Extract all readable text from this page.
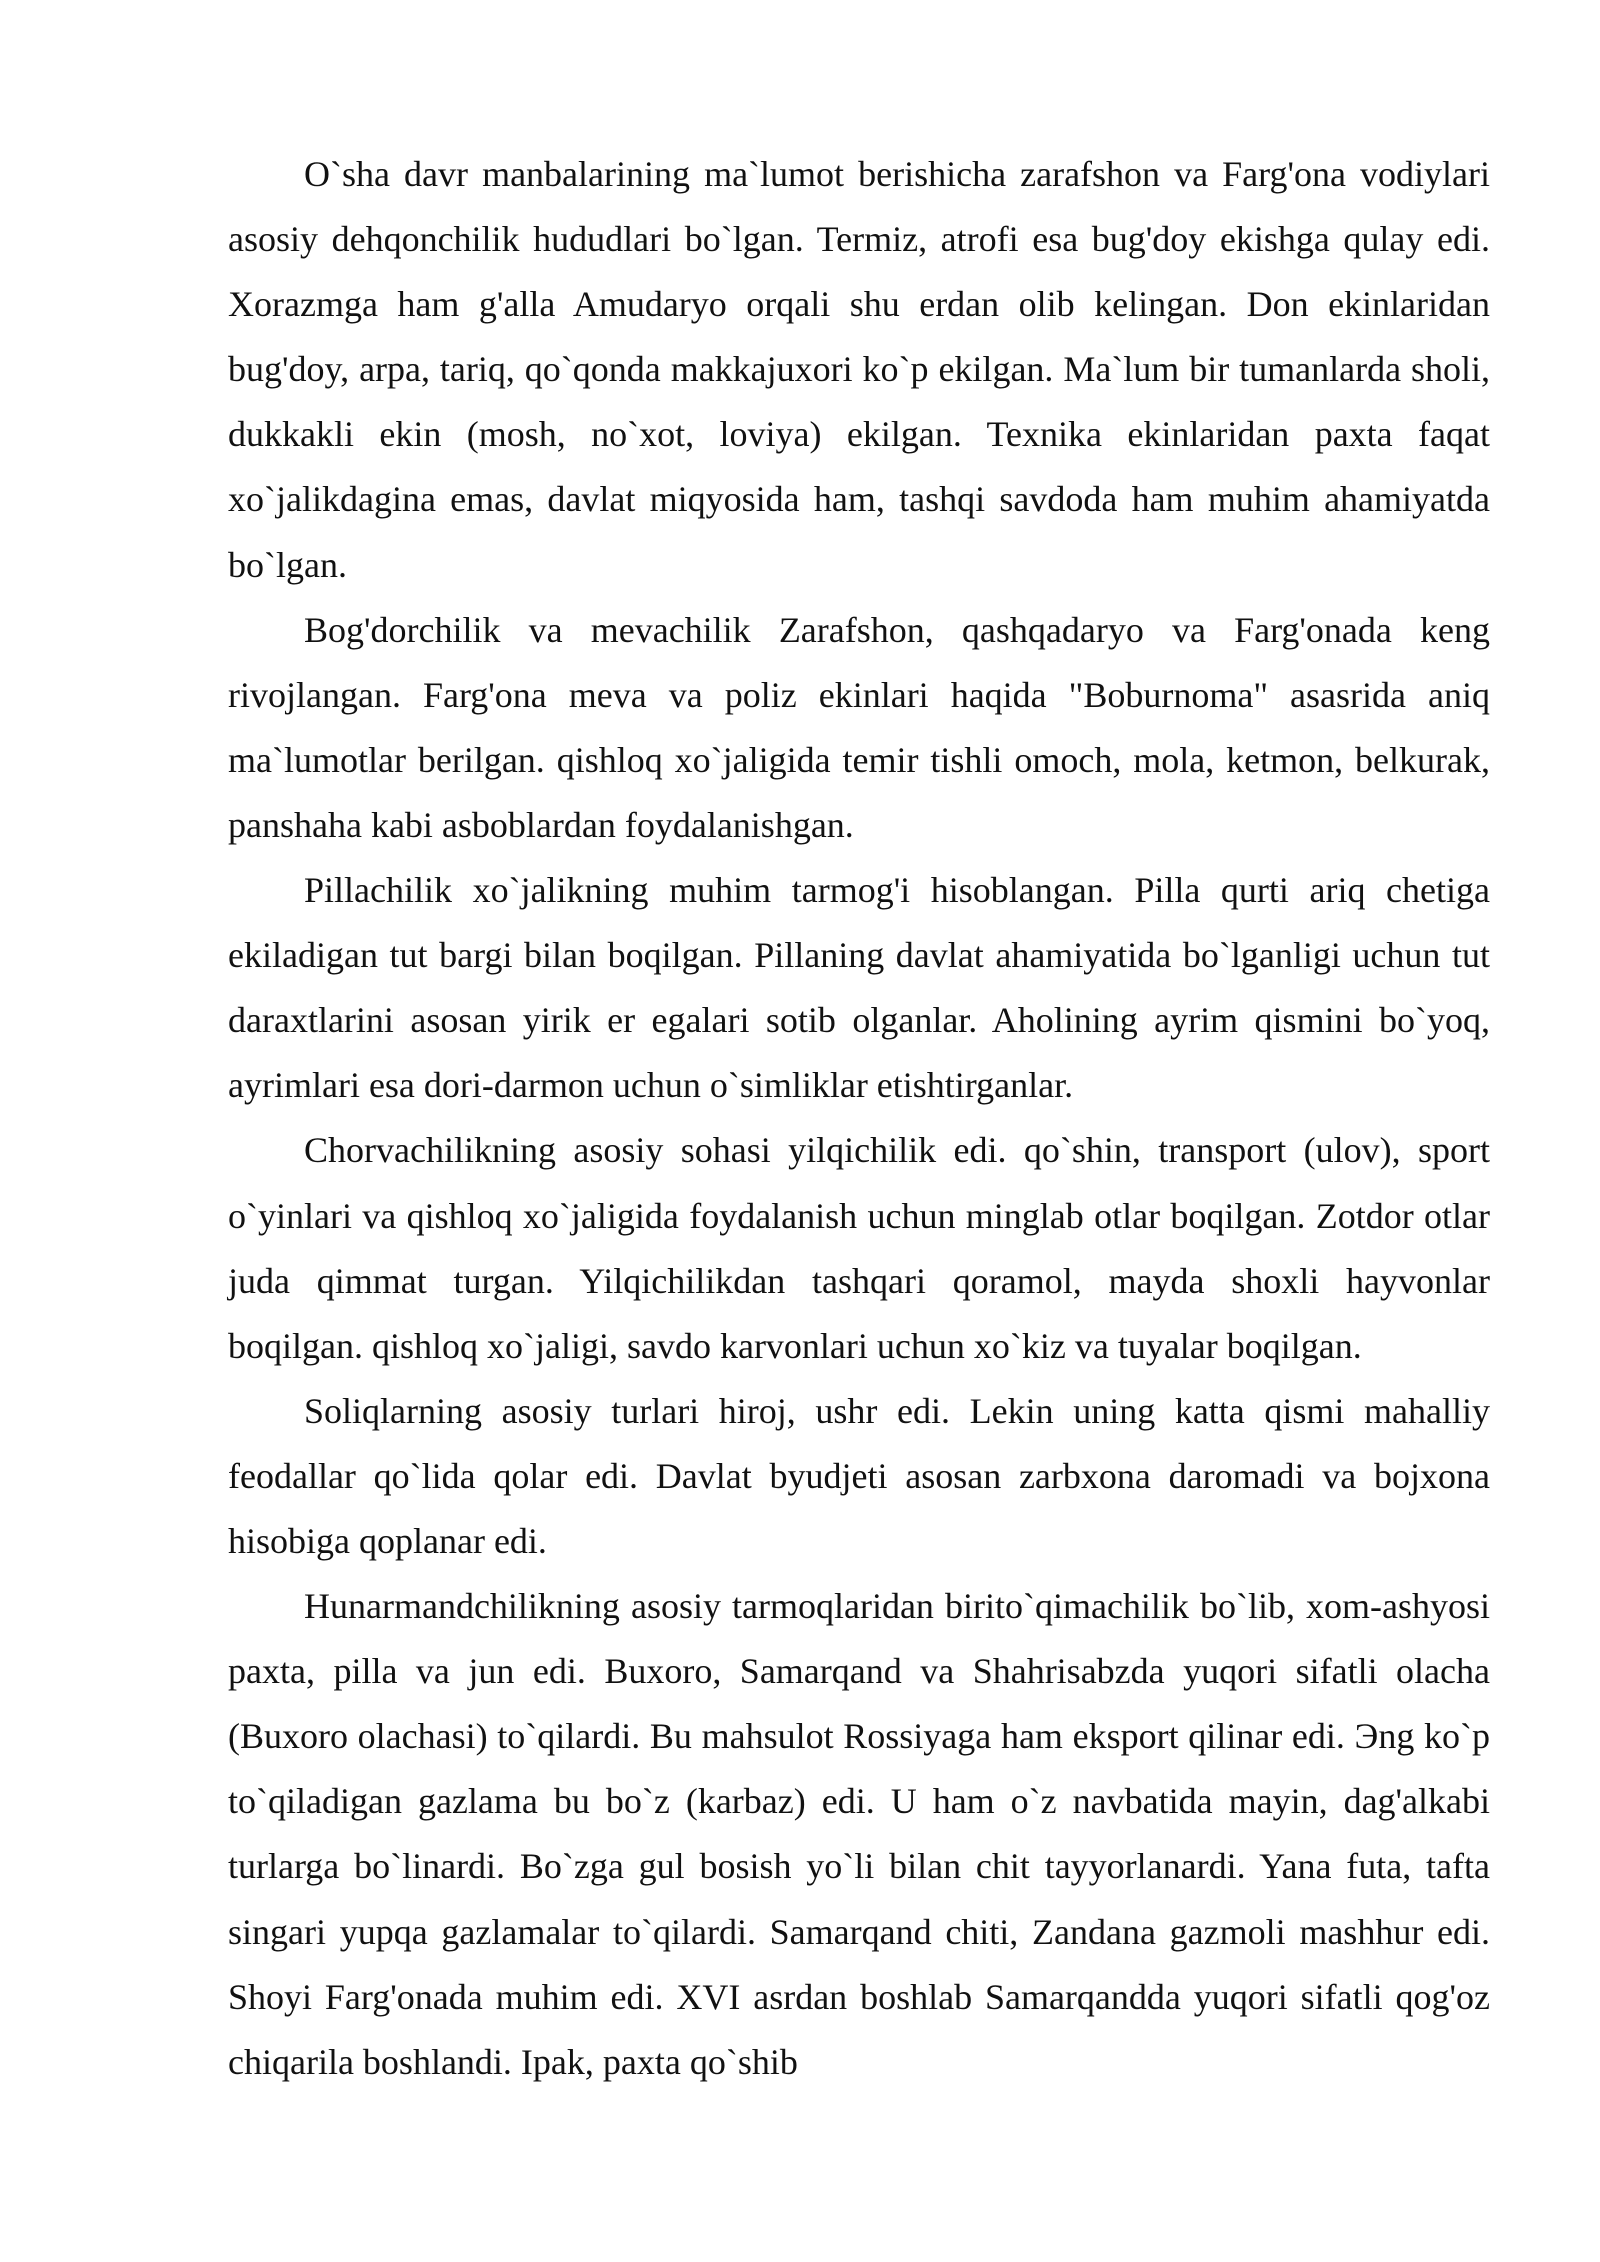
O`sha davr manbalarining ma`lumot berishicha zarafshon va Farg'ona vodiylari asosiy dehqonchilik hududlari bo`lgan. Termiz, atrofi esa bug'doy ekishga qulay edi. Xorazmga ham g'alla Amudaryo orqali shu erdan olib kelingan. Don ekinlaridan bug'doy, arpa, tariq, qo`qonda makkajuxori ko`p ekilgan. Ma`lum bir tumanlarda sholi, dukkakli ekin (mosh, no`xot, loviya) ekilgan. Texnika ekinlaridan paxta faqat xo`jalikdagina emas, davlat miqyosida ham, tashqi savdoda ham muhim ahamiyatda bo`lgan.

Bog'dorchilik va mevachilik Zarafshon, qashqadaryo va Farg'onada keng rivojlangan. Farg'ona meva va poliz ekinlari haqida "Boburnoma" asasrida aniq ma`lumotlar berilgan. qishloq xo`jaligida temir tishli omoch, mola, ketmon, belkurak, panshaha kabi asboblardan foydalanishgan.

Pillachilik xo`jalikning muhim tarmog'i hisoblangan. Pilla qurti ariq chetiga ekiladigan tut bargi bilan boqilgan. Pillaning davlat ahamiyatida bo`lganligi uchun tut daraxtlarini asosan yirik er egalari sotib olganlar. Aholining ayrim qismini bo`yoq, ayrimlari esa dori-darmon uchun o`simliklar etishtirganlar.

Chorvachilikning asosiy sohasi yilqichilik edi. qo`shin, transport (ulov), sport o`yinlari va qishloq xo`jaligida foydalanish uchun minglab otlar boqilgan. Zotdor otlar juda qimmat turgan. Yilqichilikdan tashqari qoramol, mayda shoxli hayvonlar boqilgan. qishloq xo`jaligi, savdo karvonlari uchun xo`kiz va tuyalar boqilgan.

Soliqlarning asosiy turlari hiroj, ushr edi. Lekin uning katta qismi mahalliy feodallar qo`lida qolar edi. Davlat byudjeti asosan zarbxona daromadi va bojxona hisobiga qoplanar edi.

Hunarmandchilikning asosiy tarmoqlaridan birito`qimachilik bo`lib, xom-ashyosi paxta, pilla va jun edi. Buxoro, Samarqand va Shahrisabzda yuqori sifatli olacha (Buxoro olachasi) to`qilardi. Bu mahsulot Rossiyaga ham eksport qilinar edi. Эng ko`p to`qiladigan gazlama bu bo`z (karbaz) edi. U ham o`z navbatida mayin, dag'alkabi turlarga bo`linardi. Bo`zga gul bosish yo`li bilan chit tayyorlanardi. Yana futa, tafta singari yupqa gazlamalar to`qilardi. Samarqand chiti, Zandana gazmoli mashhur edi. Shoyi Farg'onada muhim edi. XVI asrdan boshlab Samarqandda yuqori sifatli qog'oz chiqarila boshlandi. Ipak, paxta qo`shib
